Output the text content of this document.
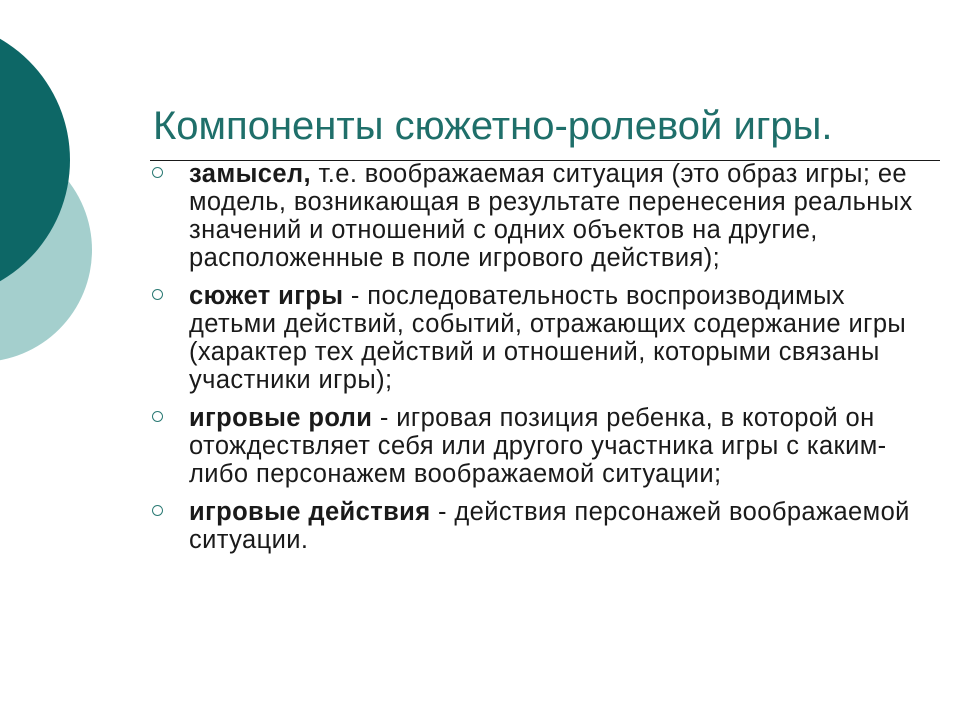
Компоненты сюжетно-ролевой игры.
замысел, т.е. воображаемая ситуация (это образ игры; ее модель, возникающая в результате перенесения реальных значений и отношений с одних объектов на другие, расположенные в поле игрового действия);
сюжет игры - последовательность воспроизводимых детьми действий, событий, отражающих содержание игры (характер тех действий и отношений, которыми связаны участники игры);
игровые роли - игровая позиция ребенка, в которой он отождествляет себя или другого участника игры с каким-либо персонажем воображаемой ситуации;
игровые действия - действия персонажей воображаемой ситуации.
